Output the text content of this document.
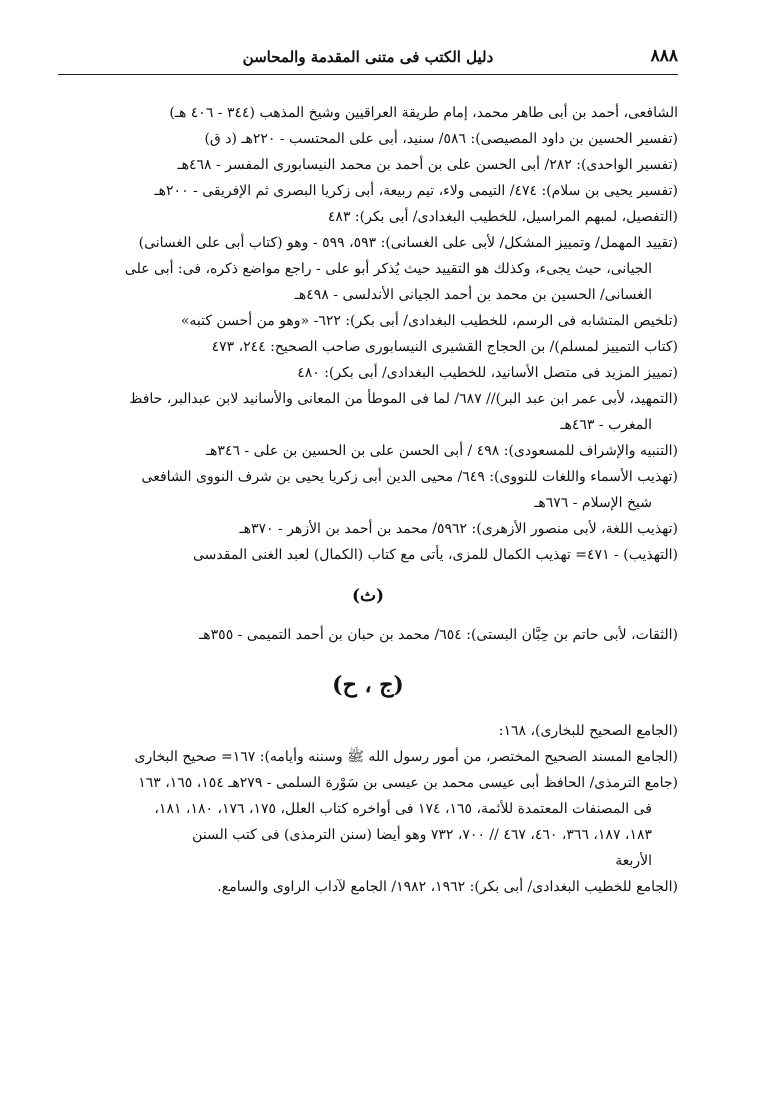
٨٨٨
دليل الكتب فى متنى المقدمة والمحاسن

الشافعى، أحمد بن أبى طاهر محمد، إمام طريقة العراقيين وشيخ المذهب (٣٤٤ - ٤٠٦ هـ)

(تفسير الحسين بن داود المصيصى): ٥٨٦/ سنيد، أبى على المحتسب - ٢٢٠هـ (د ق)

(تفسير الواحدى): ٢٨٢/ أبى الحسن على بن أحمد بن محمد النيسابورى المفسر - ٤٦٨هـ

(تفسير يحيى بن سلام): ٤٧٤/ التيمى ولاء، تيم ربيعة، أبى زكريا البصرى ثم الإفريقى - ٢٠٠هـ

(التفصيل، لمبهم المراسيل، للخطيب البغدادى/ أبى بكر): ٤٨٣

(تقييد المهمل/ وتمييز المشكل/ لأبى على الغسانى): ٥٩٣، ٥٩٩ - وهو (كتاب أبى على الغسانى)

الجيانى، حيث يجىء، وكذلك هو التقييد حيث يُذكر أبو على - راجع مواضع ذكره، فى: أبى على

الغسانى/ الحسين بن محمد بن أحمد الجيانى الأندلسى - ٤٩٨هـ

(تلخيص المتشابه فى الرسم، للخطيب البغدادى/ أبى بكر): ٦٢٢- «وهو من أحسن كتبه»

(كتاب التمييز لمسلم)/ بن الحجاج القشيرى النيسابورى صاحب الصحيح: ٢٤٤، ٤٧٣

(تمييز المزيد فى متصل الأسانيد، للخطيب البغدادى/ أبى بكر): ٤٨٠

(التمهيد، لأبى عمر ابن عبد البر)// ٦٨٧/ لما فى الموطأ من المعانى والأسانيد لابن عبدالبر، حافظ

المغرب - ٤٦٣هـ

(التنبيه والإشراف للمسعودى): ٤٩٨ / أبى الحسن على بن الحسين بن على - ٣٤٦هـ

(تهذيب الأسماء واللغات للنووى): ٦٤٩/ محيى الدين أبى زكريا يحيى بن شرف النووى الشافعى

شيخ الإسلام - ٦٧٦هـ

(تهذيب اللغة، لأبى منصور الأزهرى): ٥٩٦٢/ محمد بن أحمد بن الأزهر - ٣٧٠هـ

(التهذيب) - ٤٧١= تهذيب الكمال للمزى، يأتى مع كتاب (الكمال) لعبد الغنى المقدسى

(ث)

(الثقات، لأبى حاتم بن حِبَّان البستى): ٦٥٤/ محمد بن حبان بن أحمد التميمى - ٣٥٥هـ

(ج ، ح)

(الجامع الصحيح للبخارى)، ١٦٨:

(الجامع المسند الصحيح المختصر، من أمور رسول الله ﷺ وسننه وأيامه): ١٦٧= صحيح البخارى

(جامع الترمذى/ الحافظ أبى عيسى محمد بن عيسى بن سَوْرة السلمى - ٢٧٩هـ ١٥٤، ١٦٥، ١٦٣

فى المصنفات المعتمدة للأئمة، ١٦٥، ١٧٤ فى أواخره كتاب العلل، ١٧٥، ١٧٦، ١٨٠، ١٨١،

١٨٣، ١٨٧، ٣٦٦، ٤٦٠، ٤٦٧ // ٧٠٠، ٧٣٢ وهو أيضا (سنن الترمذى) فى كتب السنن

الأربعة

(الجامع للخطيب البغدادى/ أبى بكر): ١٩٦٢، ١٩٨٢/ الجامع لآداب الراوى والسامع.
